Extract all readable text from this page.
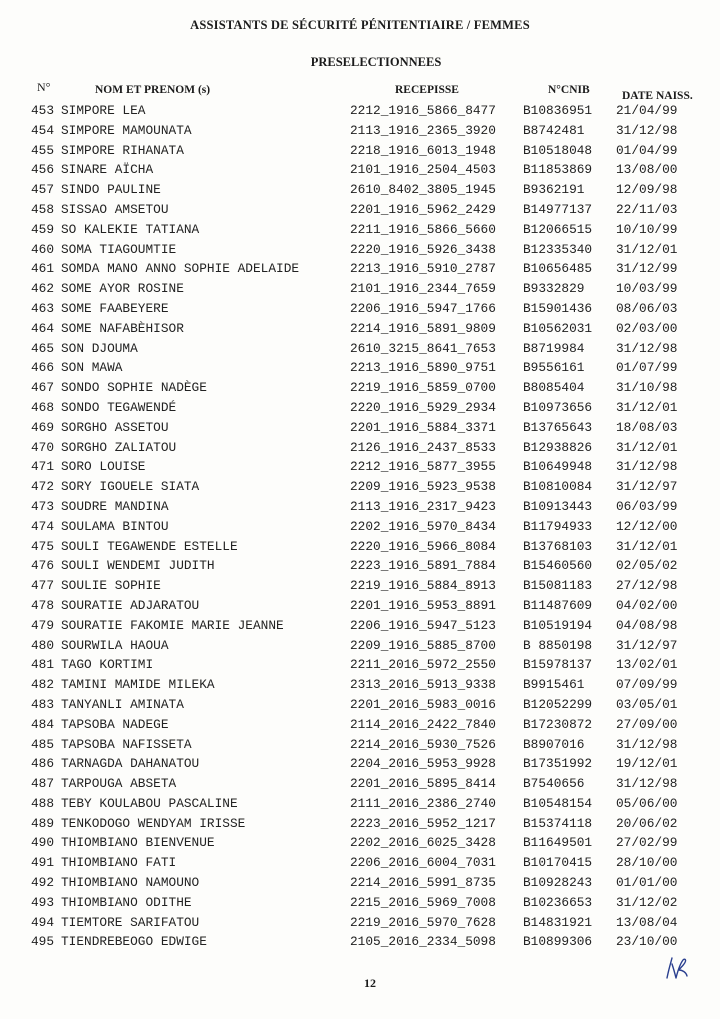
ASSISTANTS DE SÉCURITÉ PÉNITENTIAIRE / FEMMES
PRESELECTIONNEES
N°	NOM ET PRENOM (s)	RECEPISSE	N°CNIB	DATE NAISS.
453 SIMPORE LEA	2212_1916_5866_8477 B10836951 21/04/99
454 SIMPORE MAMOUNATA	2113_1916_2365_3920 B8742481 31/12/98
455 SIMPORE RIHANATA	2218_1916_6013_1948 B10518048 01/04/99
456 SINARE AÏCHA	2101_1916_2504_4503 B11853869 13/08/00
457 SINDO PAULINE	2610_8402_3805_1945 B9362191 12/09/98
458 SISSAO AMSETOU	2201_1916_5962_2429 B14977137 22/11/03
459 SO KALEKIE TATIANA	2211_1916_5866_5660 B12066515 10/10/99
460 SOMA TIAGOUMTIE	2220_1916_5926_3438 B12335340 31/12/01
461 SOMDA MANO ANNO SOPHIE ADELAIDE	2213_1916_5910_2787 B10656485 31/12/99
462 SOME AYOR ROSINE	2101_1916_2344_7659 B9332829 10/03/99
463 SOME FAABEYERE	2206_1916_5947_1766 B15901436 08/06/03
464 SOME NAFABÈHISOR	2214_1916_5891_9809 B10562031 02/03/00
465 SON DJOUMA	2610_3215_8641_7653 B8719984 31/12/98
466 SON MAWA	2213_1916_5890_9751 B9556161 01/07/99
467 SONDO SOPHIE NADÈGE	2219_1916_5859_0700 B8085404 31/10/98
468 SONDO TEGAWENDÉ	2220_1916_5929_2934 B10973656 31/12/01
469 SORGHO ASSETOU	2201_1916_5884_3371 B13765643 18/08/03
470 SORGHO ZALIATOU	2126_1916_2437_8533 B12938826 31/12/01
471 SORO LOUISE	2212_1916_5877_3955 B10649948 31/12/98
472 SORY IGOUELE SIATA	2209_1916_5923_9538 B10810084 31/12/97
473 SOUDRE MANDINA	2113_1916_2317_9423 B10913443 06/03/99
474 SOULAMA BINTOU	2202_1916_5970_8434 B11794933 12/12/00
475 SOULI TEGAWENDE ESTELLE	2220_1916_5966_8084 B13768103 31/12/01
476 SOULI WENDEMI JUDITH	2223_1916_5891_7884 B15460560 02/05/02
477 SOULIE SOPHIE	2219_1916_5884_8913 B15081183 27/12/98
478 SOURATIE ADJARATOU	2201_1916_5953_8891 B11487609 04/02/00
479 SOURATIE FAKOMIE MARIE JEANNE	2206_1916_5947_5123 B10519194 04/08/98
480 SOURWILA HAOUA	2209_1916_5885_8700 B 8850198 31/12/97
481 TAGO KORTIMI	2211_2016_5972_2550 B15978137 13/02/01
482 TAMINI MAMIDE MILEKA	2313_2016_5913_9338 B9915461 07/09/99
483 TANYANLI AMINATA	2201_2016_5983_0016 B12052299 03/05/01
484 TAPSOBA NADEGE	2114_2016_2422_7840 B17230872 27/09/00
485 TAPSOBA NAFISSETA	2214_2016_5930_7526 B8907016 31/12/98
486 TARNAGDA DAHANATOU	2204_2016_5953_9928 B17351992 19/12/01
487 TARPOUGA ABSETA	2201_2016_5895_8414 B7540656 31/12/98
488 TEBY KOULABOU PASCALINE	2111_2016_2386_2740 B10548154 05/06/00
489 TENKODOGO WENDYAM IRISSE	2223_2016_5952_1217 B15374118 20/06/02
490 THIOMBIANO BIENVENUE	2202_2016_6025_3428 B11649501 27/02/99
491 THIOMBIANO FATI	2206_2016_6004_7031 B10170415 28/10/00
492 THIOMBIANO NAMOUNO	2214_2016_5991_8735 B10928243 01/01/00
493 THIOMBIANO ODITHE	2215_2016_5969_7008 B10236653 31/12/02
494 TIEMTORE SARIFATOU	2219_2016_5970_7628 B14831921 13/08/04
495 TIENDREBEOGO EDWIGE	2105_2016_2334_5098 B10899306 23/10/00
12
